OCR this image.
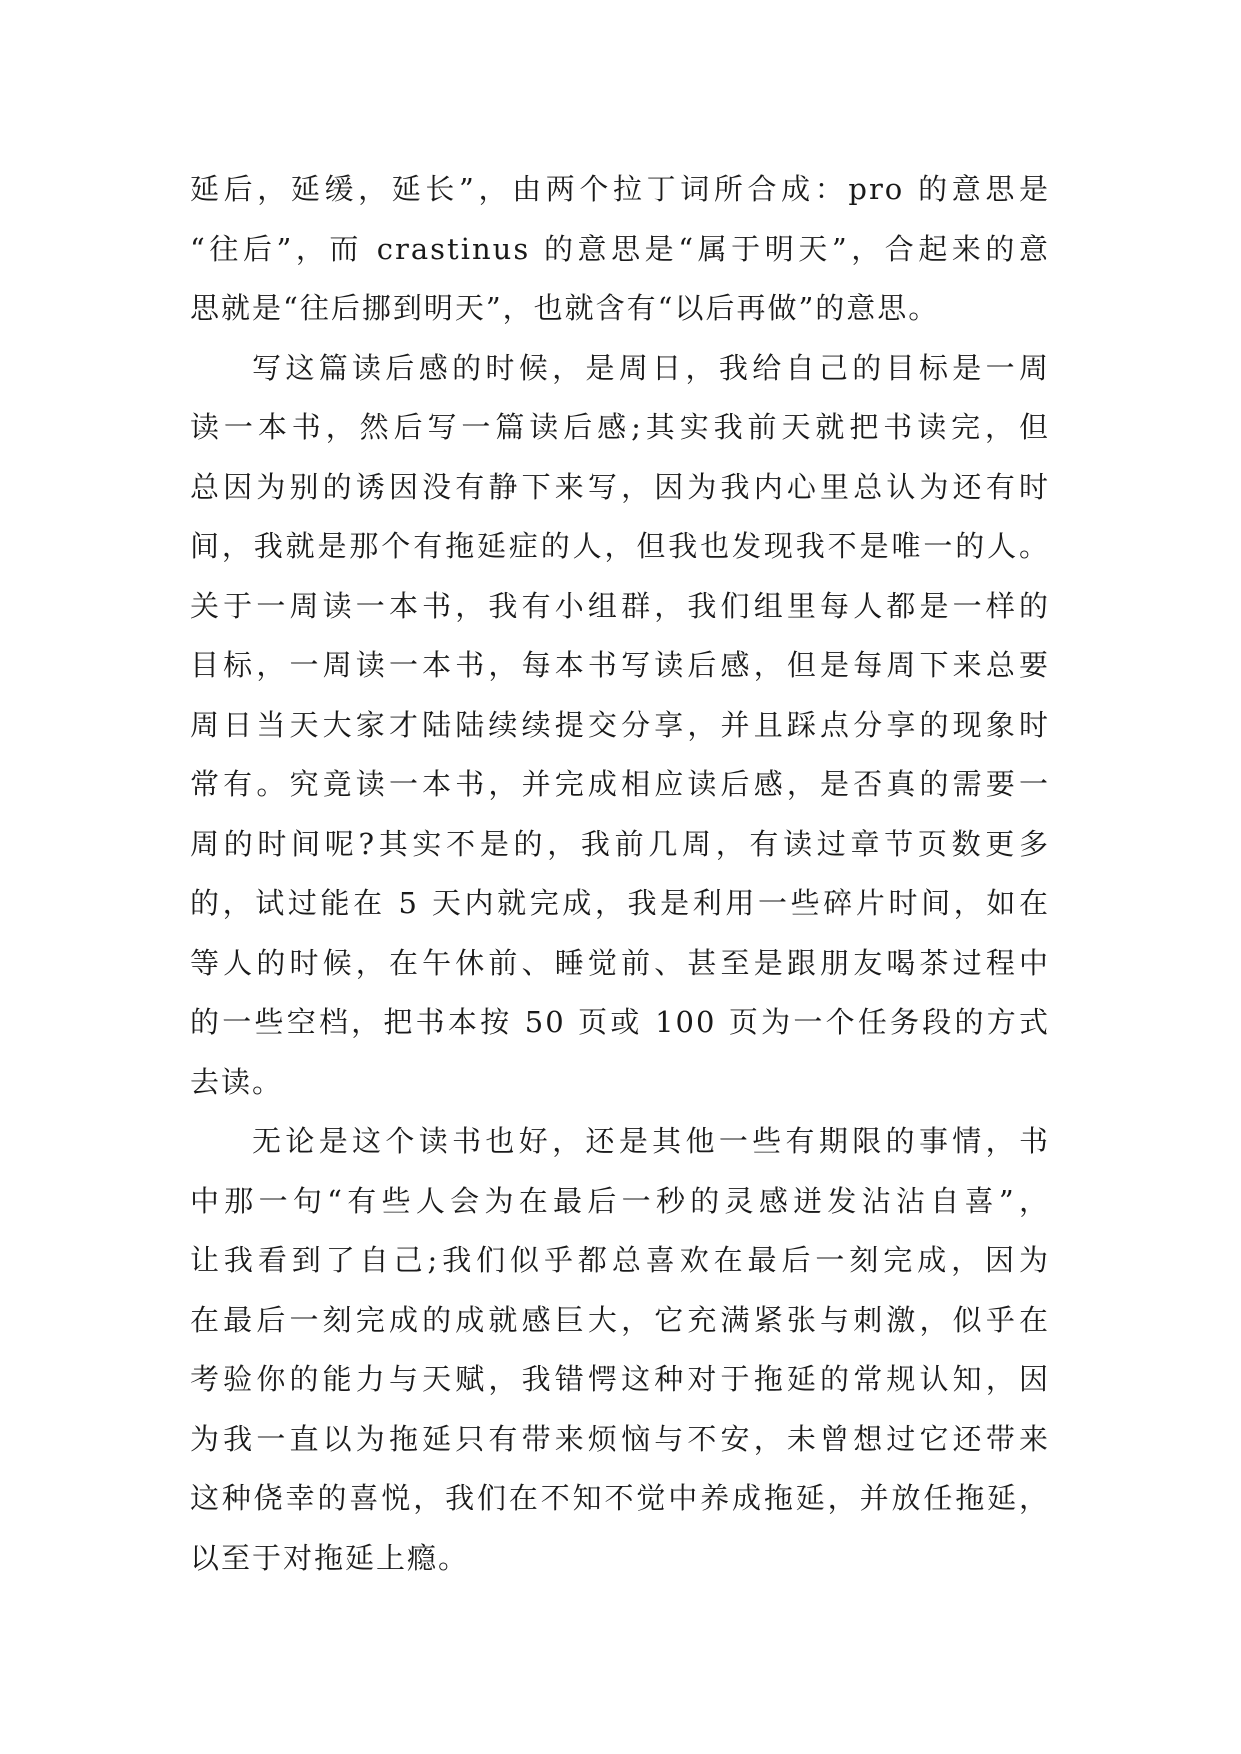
延后，延缓，延长”，由两个拉丁词所合成：pro 的意思是
“往后”，而 crastinus 的意思是“属于明天”，合起来的意
思就是“往后挪到明天”，也就含有“以后再做”的意思。
写这篇读后感的时候，是周日，我给自己的目标是一周
读一本书，然后写一篇读后感;其实我前天就把书读完，但
总因为别的诱因没有静下来写，因为我内心里总认为还有时
间，我就是那个有拖延症的人，但我也发现我不是唯一的人。
关于一周读一本书，我有小组群，我们组里每人都是一样的
目标，一周读一本书，每本书写读后感，但是每周下来总要
周日当天大家才陆陆续续提交分享，并且踩点分享的现象时
常有。究竟读一本书，并完成相应读后感，是否真的需要一
周的时间呢?其实不是的，我前几周，有读过章节页数更多
的，试过能在 5 天内就完成，我是利用一些碎片时间，如在
等人的时候，在午休前、睡觉前、甚至是跟朋友喝茶过程中
的一些空档，把书本按 50 页或 100 页为一个任务段的方式
去读。
无论是这个读书也好，还是其他一些有期限的事情，书
中那一句“有些人会为在最后一秒的灵感迸发沾沾自喜”，
让我看到了自己;我们似乎都总喜欢在最后一刻完成，因为
在最后一刻完成的成就感巨大，它充满紧张与刺激，似乎在
考验你的能力与天赋，我错愕这种对于拖延的常规认知，因
为我一直以为拖延只有带来烦恼与不安，未曾想过它还带来
这种侥幸的喜悦，我们在不知不觉中养成拖延，并放任拖延，
以至于对拖延上瘾。
